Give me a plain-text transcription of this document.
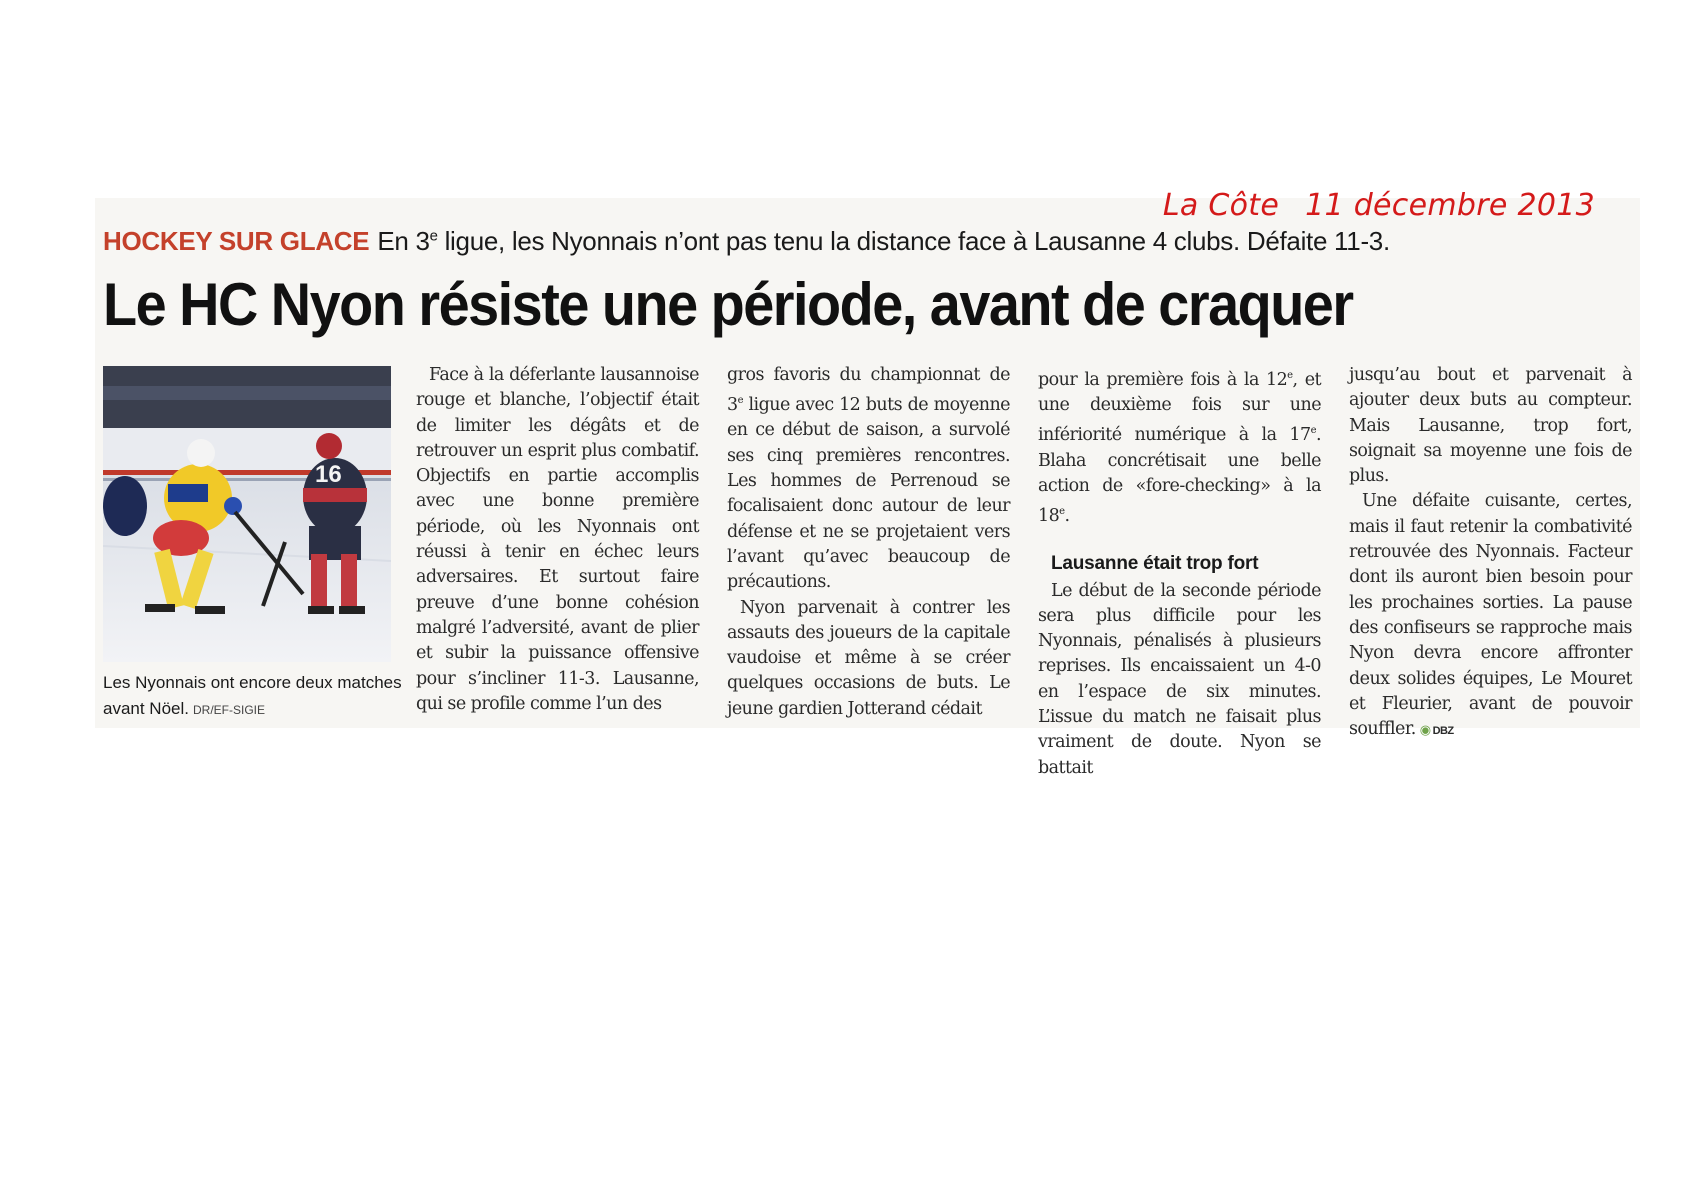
La Côte 11 décembre 2013
HOCKEY SUR GLACE En 3e ligue, les Nyonnais n’ont pas tenu la distance face à Lausanne 4 clubs. Défaite 11-3.
Le HC Nyon résiste une période, avant de craquer
16
Les Nyonnais ont encore deux matches avant Nöel. DR/EF-SIGIE

Face à la déferlante lausannoise rouge et blanche, l’objectif était de limiter les dégâts et de retrouver un esprit plus combatif. Objectifs en partie accomplis avec une bonne première période, où les Nyonnais ont réussi à tenir en échec leurs adversaires. Et surtout faire preuve d’une bonne cohésion malgré l’adversité, avant de plier et subir la puissance offensive pour s’incliner 11-3. Lausanne, qui se profile comme l’un des

gros favoris du championnat de 3e ligue avec 12 buts de moyenne en ce début de saison, a survolé ses cinq premières rencontres. Les hommes de Perrenoud se focalisaient donc autour de leur défense et ne se projetaient vers l’avant qu’avec beaucoup de précautions.

Nyon parvenait à contrer les assauts des joueurs de la capitale vaudoise et même à se créer quelques occasions de buts. Le jeune gardien Jotterand cédait

pour la première fois à la 12e, et une deuxième fois sur une infériorité numérique à la 17e. Blaha concrétisait une belle action de «fore-checking» à la 18e.

Lausanne était trop fort

Le début de la seconde période sera plus difficile pour les Nyonnais, pénalisés à plusieurs reprises. Ils encaissaient un 4-0 en l’espace de six minutes. L’issue du match ne faisait plus vraiment de doute. Nyon se battait

jusqu’au bout et parvenait à ajouter deux buts au compteur. Mais Lausanne, trop fort, soignait sa moyenne une fois de plus.

Une défaite cuisante, certes, mais il faut retenir la combativité retrouvée des Nyonnais. Facteur dont ils auront bien besoin pour les prochaines sorties. La pause des confiseurs se rapproche mais Nyon devra encore affronter deux solides équipes, Le Mouret et Fleurier, avant de pouvoir souffler. ◉ DBZ
